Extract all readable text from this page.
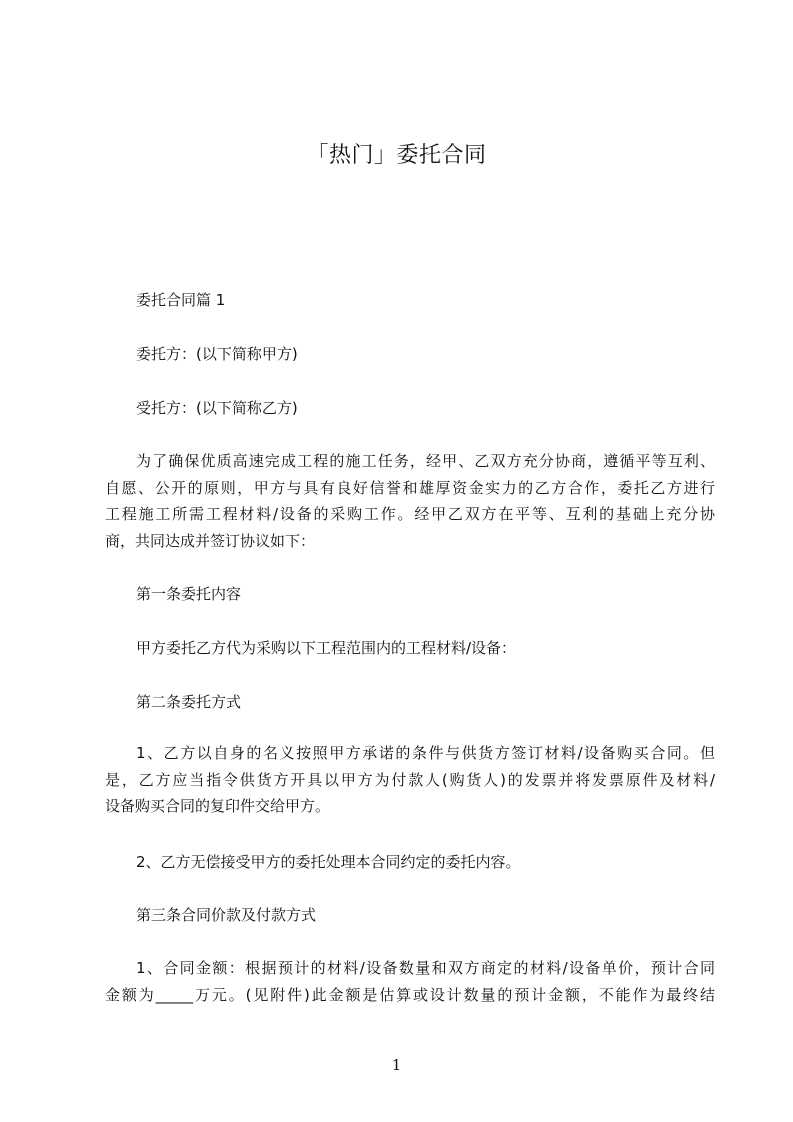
「热门」委托合同
委托合同篇 1
委托方：(以下简称甲方)
受托方：(以下简称乙方)
为了确保优质高速完成工程的施工任务，经甲、乙双方充分协商，遵循平等互利、
自愿、公开的原则，甲方与具有良好信誉和雄厚资金实力的乙方合作，委托乙方进行
工程施工所需工程材料/设备的采购工作。经甲乙双方在平等、互利的基础上充分协
商，共同达成并签订协议如下：
第一条委托内容
甲方委托乙方代为采购以下工程范围内的工程材料/设备：
第二条委托方式
1、乙方以自身的名义按照甲方承诺的条件与供货方签订材料/设备购买合同。但
是，乙方应当指令供货方开具以甲方为付款人(购货人)的发票并将发票原件及材料/
设备购买合同的复印件交给甲方。
2、乙方无偿接受甲方的委托处理本合同约定的委托内容。
第三条合同价款及付款方式
1、合同金额：根据预计的材料/设备数量和双方商定的材料/设备单价，预计合同
金额为_____万元。(见附件)此金额是估算或设计数量的预计金额，不能作为最终结
1
